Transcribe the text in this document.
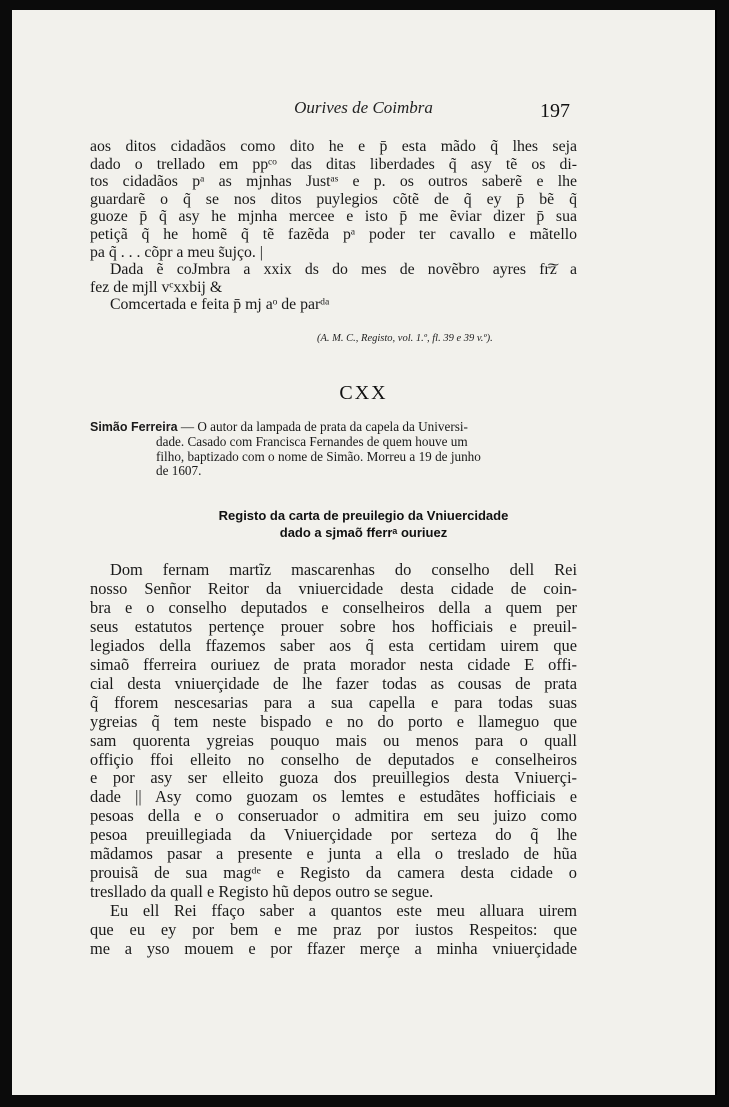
Ourives de Coimbra	197
aos ditos cidadãos como dito he e p̄ esta mãdo q̃ lhes seja
dado o trellado em ppᶜᵒ das ditas liberdades q̃ asy tẽ os di-
tos cidadãos pᵃ as mjnhas Justᵃˢ e p. os outros saberẽ e lhe
guardarẽ o q̃ se nos ditos puylegios cõtẽ de q̃ ey p̄ bẽ q̃
guoze p̄ q̃ asy he mjnha mercee e isto p̄ me ẽviar dizer p̄ sua
petiçã q̃ he homẽ q̃ tẽ fazẽda pᵃ poder ter cavallo e mãtello
pa q̃ . . . cõpr a meu s̃ujço. |
Dada ẽ coJmbra a xxix ds do mes de novẽbro ayres fr͠z a
fez de mjll vᶜxxbij &
Comcertada e feita p̄ mj aᵒ de parᵈᵃ
(A. M. C., Registo, vol. 1.º, fl. 39 e 39 v.º).
CXX
Simão Ferreira — O autor da lampada de prata da capela da Universi-
dade. Casado com Francisca Fernandes de quem houve um
filho, baptizado com o nome de Simão. Morreu a 19 de junho
de 1607.
Registo da carta de preuilegio da Vniuercidade
dado a sjmaõ fferrᵃ ouriuez
Dom fernam martĩz mascarenhas do conselho dell Rei
nosso Senñor Reitor da vniuercidade desta cidade de coin-
bra e o conselho deputados e conselheiros della a quem per
seus estatutos pertençe prouer sobre hos hofficiais e preuil-
legiados della ffazemos saber aos q̃ esta certidam uirem que
simaõ fferreira ouriuez de prata morador nesta cidade E offi-
cial desta vniuerçidade de lhe fazer todas as cousas de prata
q̃ fforem nescesarias para a sua capella e para todas suas
ygreias q̃ tem neste bispado e no do porto e llameguo que
sam quorenta ygreias pouquo mais ou menos para o quall
offiçio ffoi elleito no conselho de deputados e conselheiros
e por asy ser elleito guoza dos preuillegios desta Vniuerçi-
dade || Asy como guozam os lemtes e estudãtes hofficiais e
pesoas della e o conseruador o admitira em seu juizo como
pesoa preuillegiada da Vniuerçidade por serteza do q̃ lhe
mãdamos pasar a presente e junta a ella o treslado de hũa
prouisã de sua magᵈᵉ e Registo da camera desta cidade o
tresllado da quall e Registo hũ depos outro se segue.
Eu ell Rei ffaço saber a quantos este meu alluara uirem
que eu ey por bem e me praz por iustos Respeitos: que
me a yso mouem e por ffazer merçe a minha vniuerçidade
